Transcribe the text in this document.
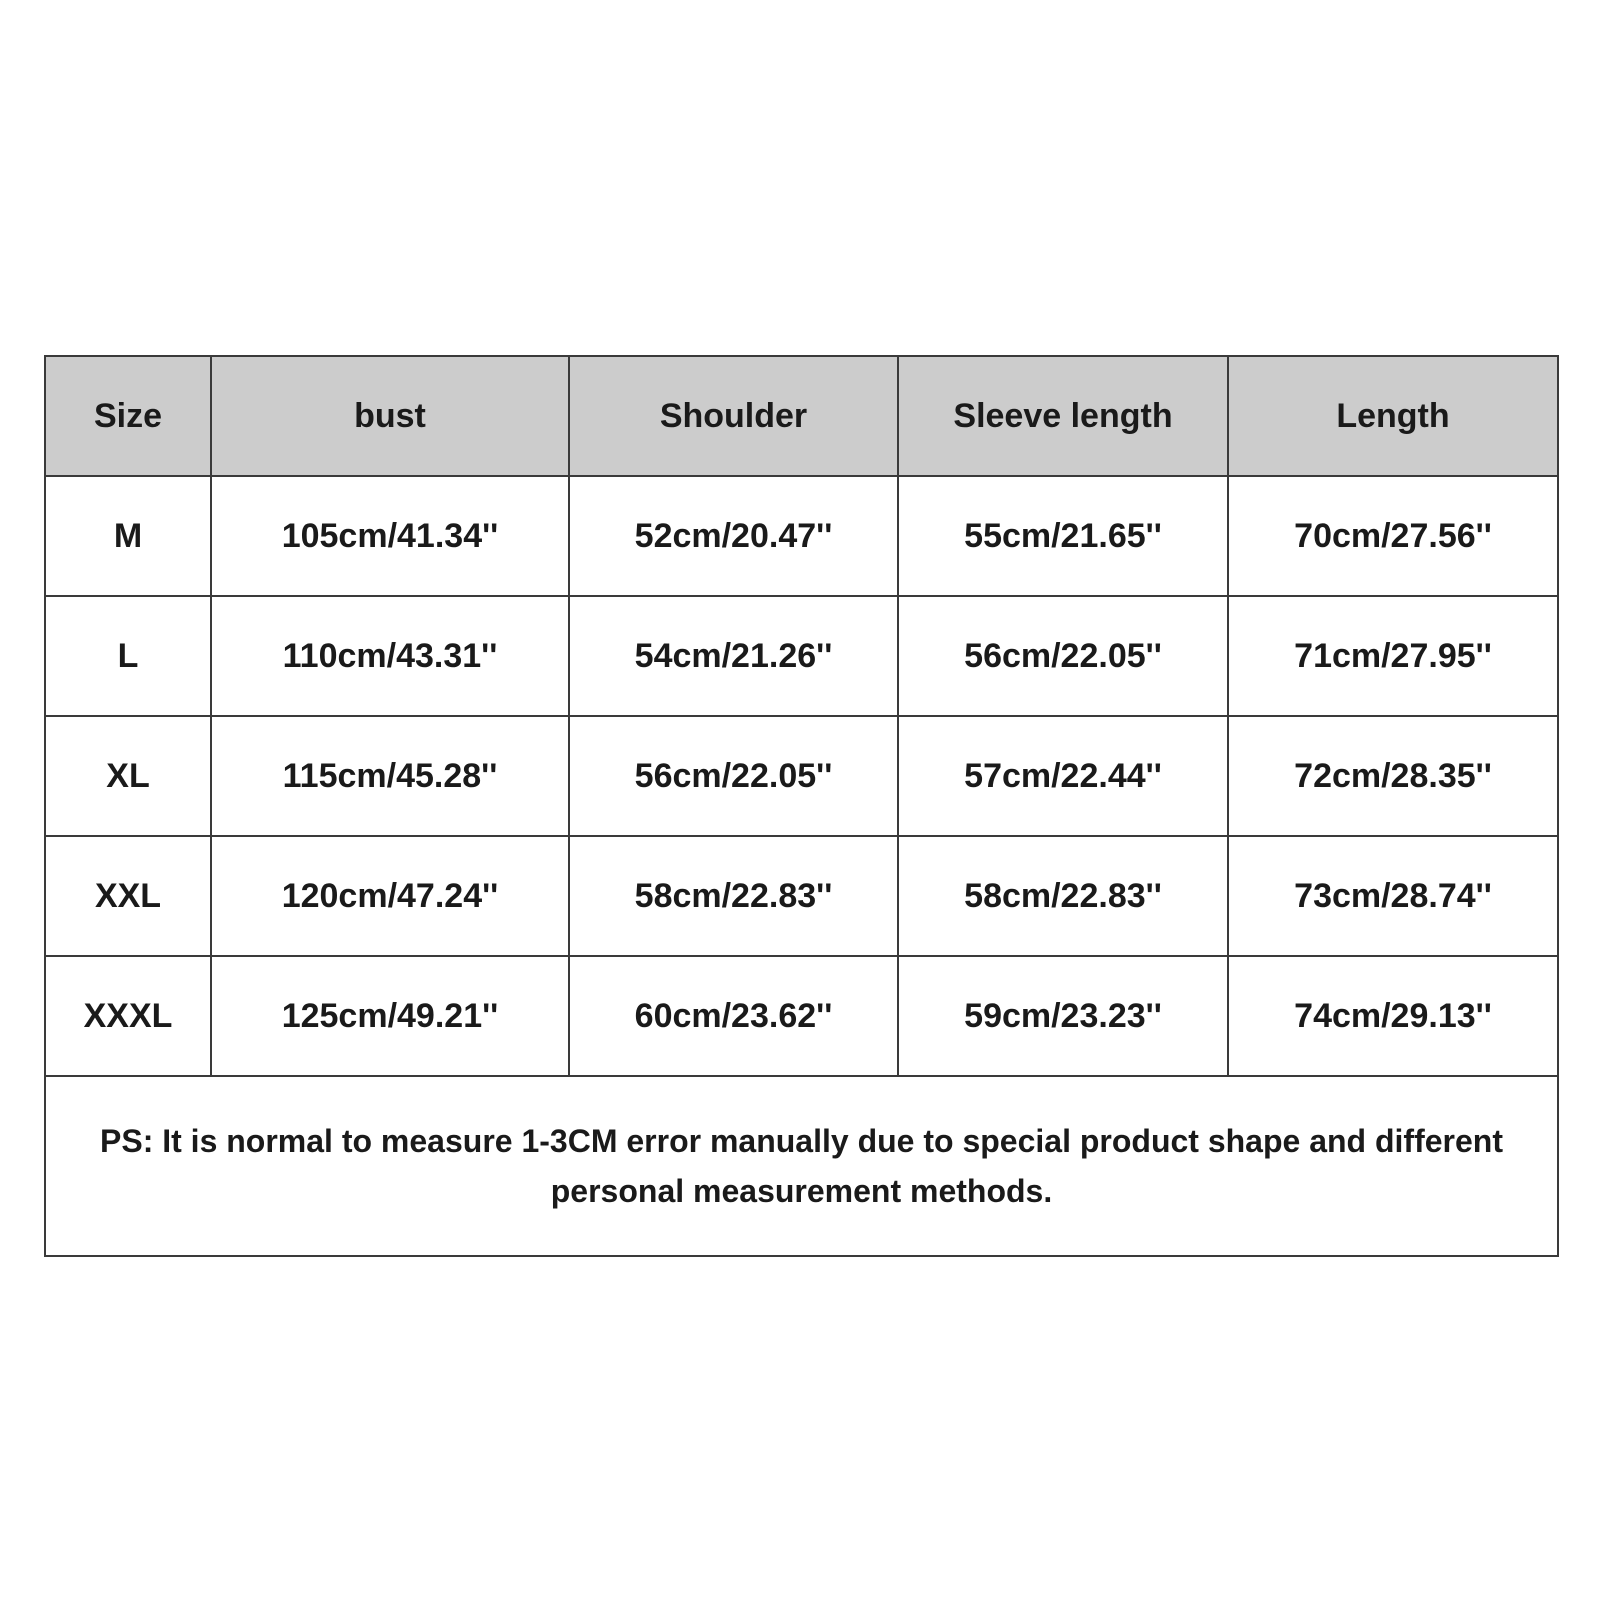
Size	bust	Shoulder	Sleeve length	Length
M	105cm/41.34''	52cm/20.47''	55cm/21.65''	70cm/27.56''
L	110cm/43.31''	54cm/21.26''	56cm/22.05''	71cm/27.95''
XL	115cm/45.28''	56cm/22.05''	57cm/22.44''	72cm/28.35''
XXL	120cm/47.24''	58cm/22.83''	58cm/22.83''	73cm/28.74''
XXXL	125cm/49.21''	60cm/23.62''	59cm/23.23''	74cm/29.13''
PS: It is normal to measure 1-3CM error manually due to special product shape and different personal measurement methods.				
